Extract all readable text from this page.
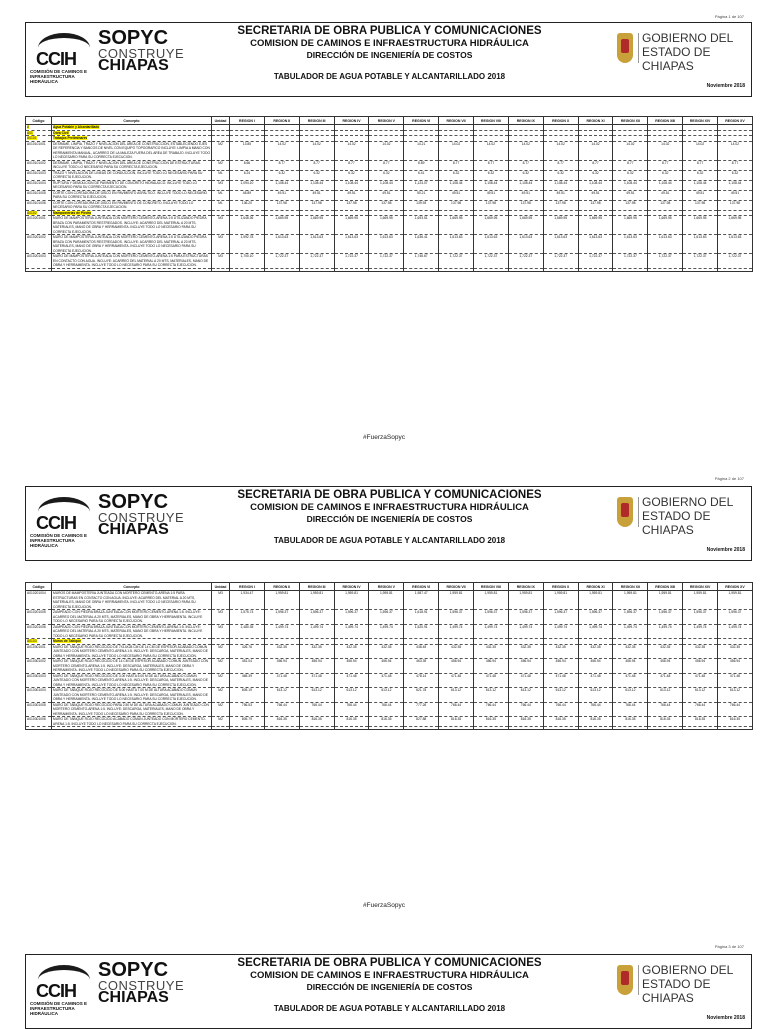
Página 1 de 107
CCIH
COMISIÓN DE CAMINOS E INFRAESTRUCTURA HIDRÁULICA
SOPYC
CONSTRUYE
CHIAPAS
SECRETARIA DE OBRA PUBLICA Y COMUNICACIONES
COMISION DE CAMINOS E INFRAESTRUCTURA HIDRÁULICA
DIRECCIÓN DE INGENIERÍA DE COSTOS
TABULADOR DE AGUA POTABLE Y ALCANTARILLADO 2018
GOBIERNO DEL
ESTADO DE CHIAPAS
Noviembre 2018
Código	Concepto	Unidad	REGION I	REGION II	REGION III	REGION IV	REGION V	REGION VI	REGION VII	REGION VIII	REGION IX	REGION X	REGION XI	REGION XII	REGION XIII	REGION XIV	REGION XV
A	Agua Potable y Alcantarillado																
A01	Obra Civil																
A0101	Trabajos Preliminares																
A010101001	DESRAME, LIMPIA, TRAZO Y NIVELACION DEL AREA DE CONSTRUCCION, ESTABLECIENDO EJES DE REFERENCIA Y BANCOS DE NIVEL CON EQUIPO TOPOGRAFICO INCLUYE: LIMPIA A MANO CON HERRAMIENTA MANUAL, ACARREO DE LA MALEZA FUERA DEL AREA DE TRABAJO. INCLUYE TODO LO NECESARIO PARA SU CORRECTA EJECUCION.	M2	13.85	14.02	14.02	14.02	14.02	14.21	14.02	14.02	14.02	14.02	14.02	14.02	14.02	14.02	14.02
A010101002	DESRAME, LIMPIA, TRAZO Y NIVELACION DEL AREA DE CONSTRUCCION DE ESTRUCTURAS. INCLUYE TODO LO NECESARIO PARA SU CORRECTA EJECUCION.	M2	8.66	8.77	8.77	8.77	8.77	8.89	8.77	8.77	8.77	8.77	8.77	8.77	8.77	8.77	8.77
A010101003	TRAZO Y NIVELACION DE LINEAS DE CONDUCCION, INCLUYE TODO LO NECESARIO PARA SU CORRECTA EJECUCION.	ML	6.24	6.32	6.32	6.32	6.32	6.41	6.32	6.32	6.32	6.32	6.32	6.32	6.32	6.32	6.32
A010101004	RUPTURA Y DEMOLICION DE PAVIMENTO DE CONCRETO HIDRAULICO. INCLUYE TODO LO NECESARIO PARA SU CORRECTA EJECUCION.	M3	1,094.10	1,108.44	1,108.44	1,108.44	1,108.44	1,124.07	1,108.44	1,108.44	1,108.44	1,108.44	1,108.44	1,108.44	1,108.44	1,108.44	1,108.44
A010101005	CORTE CON CORTADORA DE DISCO EN PAVIMENTO ASFALTICO. INCLUYE TODO LO NECESARIO PARA SU CORRECTA EJECUCION.	ML	48.89	49.51	49.51	49.51	49.51	50.21	49.51	49.51	49.51	49.51	49.51	49.51	49.51	49.51	49.51
A010101006	CORTE CON CORTADORA DE DISCO EN PAVIMENTO DE CONCRETO. INCLUYE TODO LO NECESARIO PARA SU CORRECTA EJECUCION.	ML	136.20	137.98	137.98	137.98	137.98	139.93	137.98	137.98	137.98	137.98	137.98	137.98	137.98	137.98	137.98
A0102	Mamposterías de Piedra																
A010201001	MURO DE MAMPOSTERIA JUNTEADA CON MORTERO CEMENTO-ARENA 1:5 UTILIZANDO PIEDRA BRAZA CON PARAMENTOS RESTREGADOS. INCLUYE: ACARREO DEL MATERIAL A 20 MTS, MATERIALES, MANO DE OBRA Y HERRAMIENTA. INCLUYE TODO LO NECESARIO PARA SU CORRECTA EJECUCION.	M3	1,648.36	1,669.95	1,669.95	1,669.95	1,669.95	1,693.51	1,669.95	1,669.95	1,669.95	1,669.95	1,669.95	1,669.95	1,669.95	1,669.95	1,669.95
A010201002	MURO DE MAMPOSTERIA JUNTEADA CON MORTERO CEMENTO-ARENA 1:5 UTILIZANDO PIEDRA BRAZA CON PARAMENTOS RESTREGADOS. INCLUYE: ACARREO DEL MATERIAL A 20 MTS, MATERIALES, MANO DE OBRA Y HERRAMIENTA. INCLUYE TODO LO NECESARIO PARA SU CORRECTA EJECUCION.	M3	1,592.78	1,613.63	1,613.63	1,613.63	1,613.63	1,636.41	1,613.63	1,613.63	1,613.63	1,613.63	1,613.63	1,613.63	1,613.63	1,613.63	1,613.63
A010201003	MURO DE MAMPOSTERIA JUNTEADA CON MORTERO CEMENTO-ARENA 1:5 PARA ESTRUCTURAS EN CONTACTO CON AGUA. INCLUYE: ACARREO DEL MATERIAL A 20 MTS, MATERIALES, MANO DE OBRA Y HERRAMIENTA. INCLUYE TODO LO NECESARIO PARA SU CORRECTA EJECUCION.	M3	1,700.10	1,722.37	1,722.37	1,722.37	1,722.37	1,746.67	1,722.37	1,722.37	1,722.37	1,722.37	1,722.37	1,722.37	1,722.37	1,722.37	1,722.37

#FuerzaSopyc
Página 2 de 107
CCIH
COMISIÓN DE CAMINOS E INFRAESTRUCTURA HIDRÁULICA
SOPYC
CONSTRUYE
CHIAPAS
SECRETARIA DE OBRA PUBLICA Y COMUNICACIONES
COMISION DE CAMINOS E INFRAESTRUCTURA HIDRÁULICA
DIRECCIÓN DE INGENIERÍA DE COSTOS
TABULADOR DE AGUA POTABLE Y ALCANTARILLADO 2018
GOBIERNO DEL
ESTADO DE CHIAPAS
Noviembre 2018
Código	Concepto	Unidad	REGION I	REGION II	REGION III	REGION IV	REGION V	REGION VI	REGION VII	REGION VIII	REGION IX	REGION X	REGION XI	REGION XII	REGION XIII	REGION XIV	REGION XV
A010201004	MUROS DE MAMPOSTERIA JUNTEADA CON MORTERO CEMENTO-ARENA 1:5 PARA ESTRUCTURAS EN CONTACTO CON AGUA. INCLUYE: ACARREO DEL MATERIAL A 20 MTS, MATERIALES, MANO DE OBRA Y HERRAMIENTA. INCLUYE TODO LO NECESARIO PARA SU CORRECTA EJECUCION.	M3	1,934.47	1,959.81	1,959.81	1,959.81	1,959.81	1,987.47	1,959.81	1,959.81	1,959.81	1,959.81	1,959.81	1,959.81	1,959.81	1,959.81	1,959.81
A010201005	ZAMPEADO CON PIEDRA BRAZA JUNTEADA CON MORTERO CEMENTO-ARENA 1:5. INCLUYE: ACARREO DEL MATERIAL A 20 MTS, MATERIALES, MANO DE OBRA Y HERRAMIENTA. INCLUYE TODO LO NECESARIO PARA SU CORRECTA EJECUCION.	M3	1,575.74	1,596.37	1,596.37	1,596.37	1,596.37	1,618.91	1,596.37	1,596.37	1,596.37	1,596.37	1,596.37	1,596.37	1,596.37	1,596.37	1,596.37
A010201006	ZAMPEADO CON PIEDRA BRAZA JUNTEADA CON MORTERO CEMENTO-ARENA 1:5. INCLUYE: ACARREO DEL MATERIAL A 20 MTS, MATERIALES, MANO DE OBRA Y HERRAMIENTA. INCLUYE TODO LO NECESARIO PARA SU CORRECTA EJECUCION.	M3	1,480.35	1,499.74	1,499.74	1,499.74	1,499.74	1,520.91	1,499.74	1,499.74	1,499.74	1,499.74	1,499.74	1,499.74	1,499.74	1,499.74	1,499.74
A0103	Muros de Tabique																
A010301001	MURO DE TABIQUE ROJO RECOCIDO DE 7X14X28 CM DE 14 CM DE ESPESOR ACABADO COMUN JUNTEADO CON MORTERO CEMENTO-ARENA 1:5. INCLUYE: DESCARGA, MATERIALES, MANO DE OBRA Y HERRAMIENTA. INCLUYE TODO LO NECESARIO PARA SU CORRECTA EJECUCION.	M2	426.76	432.35	432.35	432.35	432.35	438.45	432.35	432.35	432.35	432.35	432.35	432.35	432.35	432.35	432.35
A010301002	MURO DE TABIQUE ROJO RECOCIDO DE 14 CM DE ESPESOR ACABADO COMUN JUNTEADO CON MORTERO CEMENTO-ARENA 1:5. INCLUYE: DESCARGA, MATERIALES, MANO DE OBRA Y HERRAMIENTA. INCLUYE TODO LO NECESARIO PARA SU CORRECTA EJECUCION.	M2	451.04	456.94	456.94	456.94	456.94	463.39	456.94	456.94	456.94	456.94	456.94	456.94	456.94	456.94	456.94
A010301003	MURO DE TABIQUE ROJO RECOCIDO DE 3.00 HASTA 5.00 M DE ALTURA ACABADO COMUN JUNTEADO CON MORTERO CEMENTO-ARENA 1:5. INCLUYE: DESCARGA, MATERIALES, MANO DE OBRA Y HERRAMIENTA. INCLUYE TODO LO NECESARIO PARA SU CORRECTA EJECUCION.	M2	465.39	471.48	471.48	471.48	471.48	478.14	471.48	471.48	471.48	471.48	471.48	471.48	471.48	471.48	471.48
A010301004	MURO DE TABIQUE ROJO RECOCIDO DE 5.00 HASTA 7.00 M DE ALTURA ACABADO COMUN JUNTEADO CON MORTERO CEMENTO-ARENA 1:5. INCLUYE: DESCARGA, MATERIALES, MANO DE OBRA Y HERRAMIENTA. INCLUYE TODO LO NECESARIO PARA SU CORRECTA EJECUCION.	M2	605.19	613.12	613.12	613.12	613.12	621.78	613.12	613.12	613.12	613.12	613.12	613.12	613.12	613.12	613.12
A010301005	MURO DE TABIQUE ROJO RECOCIDO PARA 2.50 M DE ALTURA ACABADO COMUN JUNTEADO CON MORTERO CEMENTO-ARENA 1:5. INCLUYE: DESCARGA, MATERIALES, MANO DE OBRA Y HERRAMIENTA. INCLUYE TODO LO NECESARIO PARA SU CORRECTA EJECUCION.	M2	756.53	766.44	766.44	766.44	766.44	777.26	766.44	766.44	766.44	766.44	766.44	766.44	766.44	766.44	766.44
A010301006	MURO DE TABIQUE ROJO RECOCIDO ACABADO COMUN JUNTEADO CON MORTERO CEMENTO-ARENA 1:5. INCLUYE TODO LO NECESARIO PARA SU CORRECTA EJECUCION.	M2	805.79	816.35	816.35	816.35	816.35	827.88	816.35	816.35	816.35	816.35	816.35	816.35	816.35	816.35	816.35

#FuerzaSopyc
Página 3 de 107
CCIH
COMISIÓN DE CAMINOS E INFRAESTRUCTURA HIDRÁULICA
SOPYC
CONSTRUYE
CHIAPAS
SECRETARIA DE OBRA PUBLICA Y COMUNICACIONES
COMISION DE CAMINOS E INFRAESTRUCTURA HIDRÁULICA
DIRECCIÓN DE INGENIERÍA DE COSTOS
TABULADOR DE AGUA POTABLE Y ALCANTARILLADO 2018
GOBIERNO DEL
ESTADO DE CHIAPAS
Noviembre 2018
